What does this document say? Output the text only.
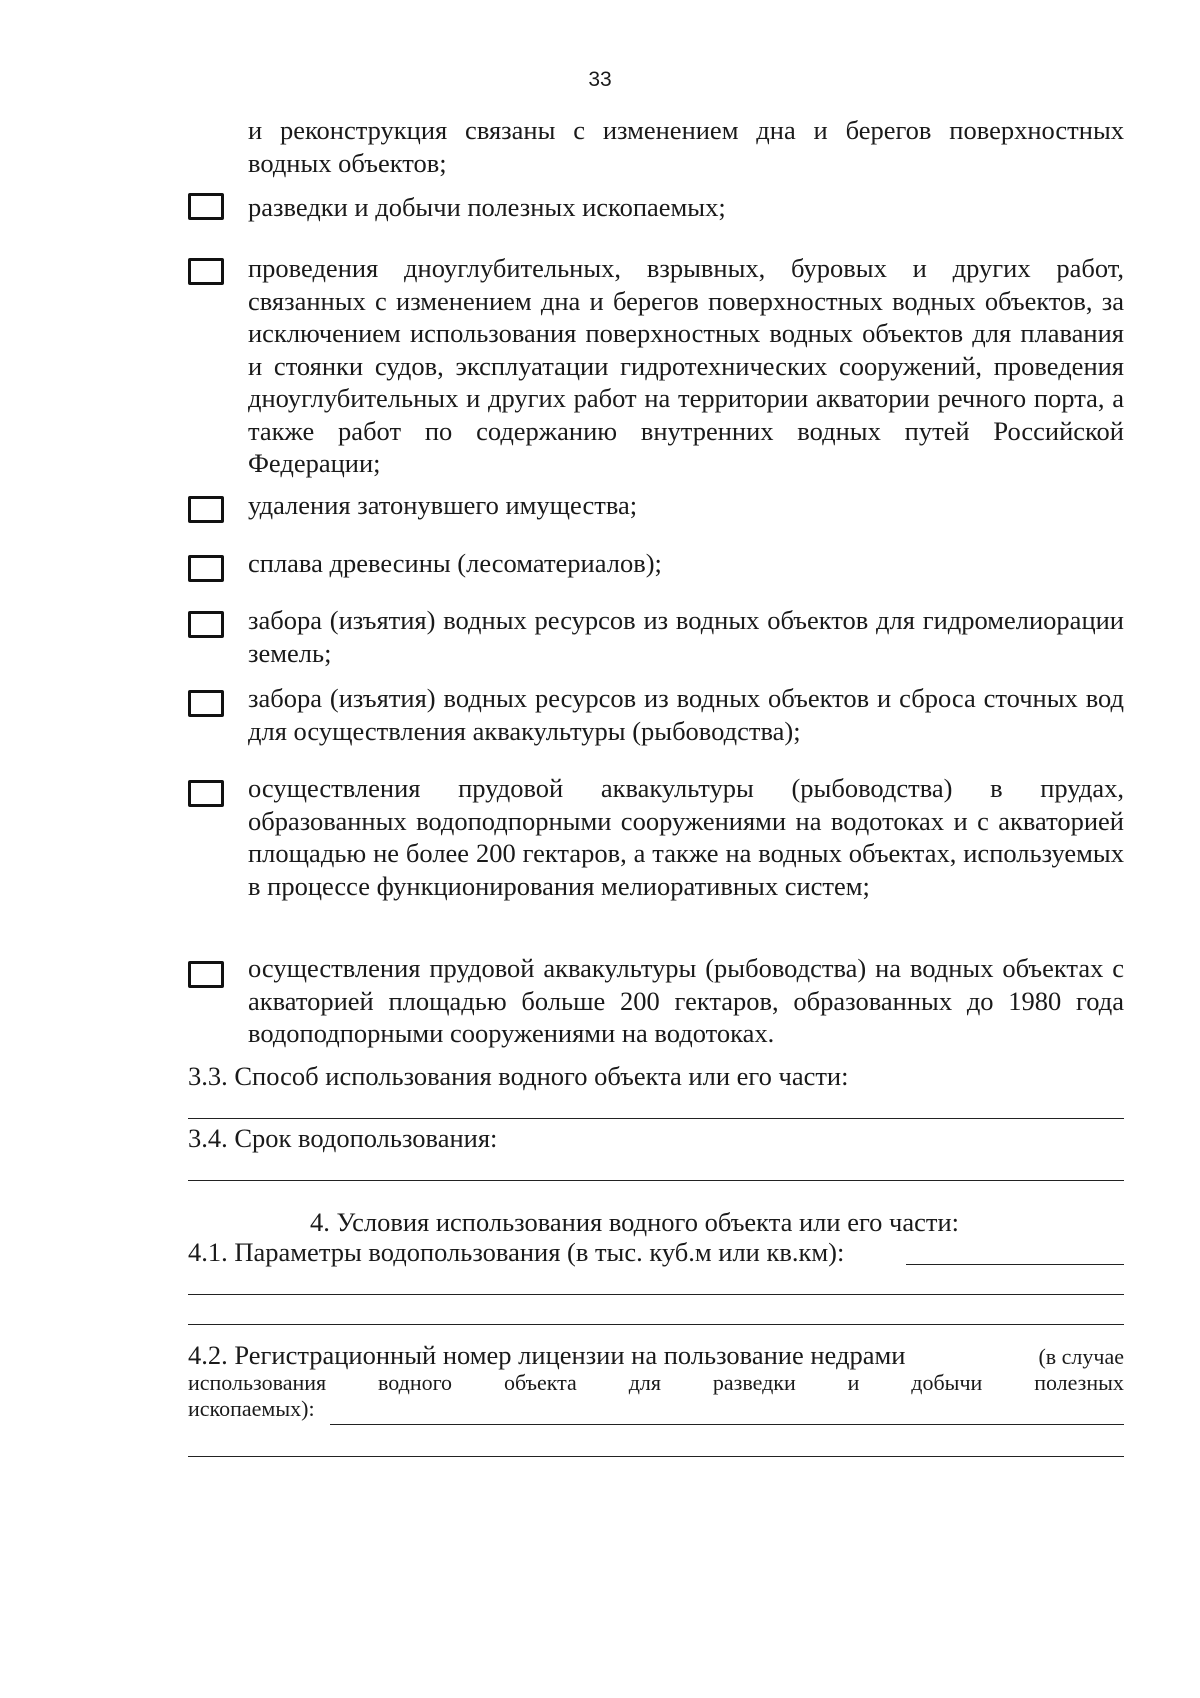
33
и реконструкция связаны с изменением дна и берегов поверхностных водных объектов;
разведки и добычи полезных ископаемых;
проведения дноуглубительных, взрывных, буровых и других работ, связанных с изменением дна и берегов поверхностных водных объектов, за исключением использования поверхностных водных объектов для плавания и стоянки судов, эксплуатации гидротехнических сооружений, проведения дноуглубительных и других работ на территории акватории речного порта, а также работ по содержанию внутренних водных путей Российской Федерации;
удаления затонувшего имущества;
сплава древесины (лесоматериалов);
забора (изъятия) водных ресурсов из водных объектов для гидромелиорации земель;
забора (изъятия) водных ресурсов из водных объектов и сброса сточных вод для осуществления аквакультуры (рыбоводства);
осуществления прудовой аквакультуры (рыбоводства) в прудах, образованных водоподпорными сооружениями на водотоках и с акваторией площадью не более 200 гектаров, а также на водных объектах, используемых в процессе функционирования мелиоративных систем;
осуществления прудовой аквакультуры (рыбоводства) на водных объектах с акваторией площадью больше 200 гектаров, образованных до 1980 года водоподпорными сооружениями на водотоках.
3.3. Способ использования водного объекта или его части:
3.4. Срок водопользования:
4. Условия использования водного объекта или его части:
4.1. Параметры водопользования (в тыс. куб.м или кв.км):
4.2. Регистрационный номер лицензии на пользование недрами	(в случае
использования водного объекта для разведки и добычи полезных
ископаемых):
